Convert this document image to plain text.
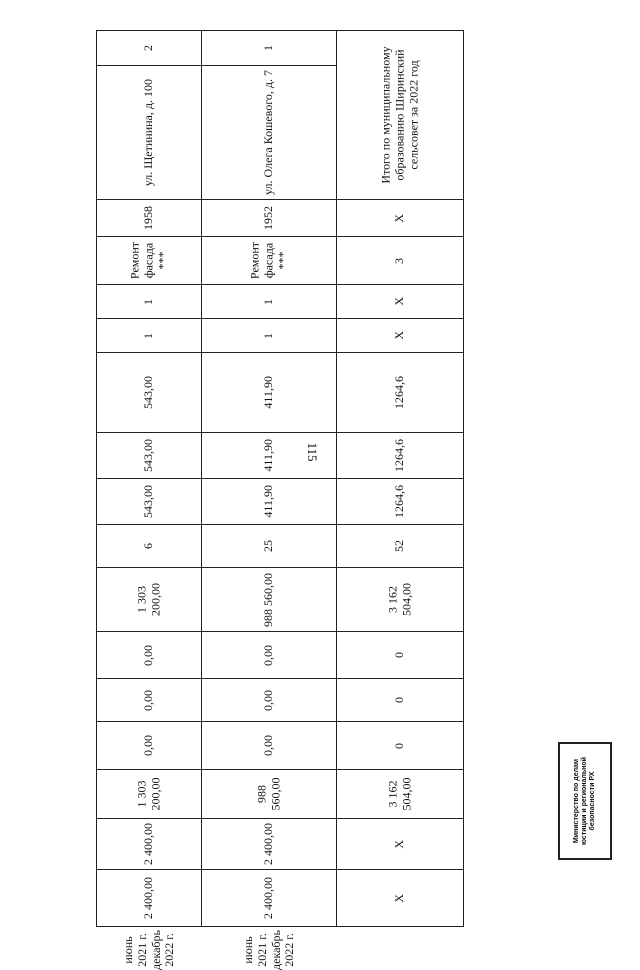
115
Итого по муниципальному образованию Ширинский сельсовет за 2022 год		X	3	X	X	1264,6	1264,6	1264,6	52	3 162 504,00	0	0	0	3 162 504,00	X	X	
1	ул. Олега Кошевого, д. 7	1952	Ремонт фасада ***	1	1	411,90	411,90	411,90	25	988 560,00	0,00	0,00	0,00	988 560,00	2 400,00	2 400,00	июнь 2021 г. декабрь 2022 г.
2	ул. Щетинина, д. 100	1958	Ремонт фасада ***	1	1	543,00	543,00	543,00	6	1 303 200,00	0,00	0,00	0,00	1 303 200,00	2 400,00	2 400,00	июнь 2021 г. декабрь 2022 г.
Министерство по делам юстиции и региональной безопасности РХ
